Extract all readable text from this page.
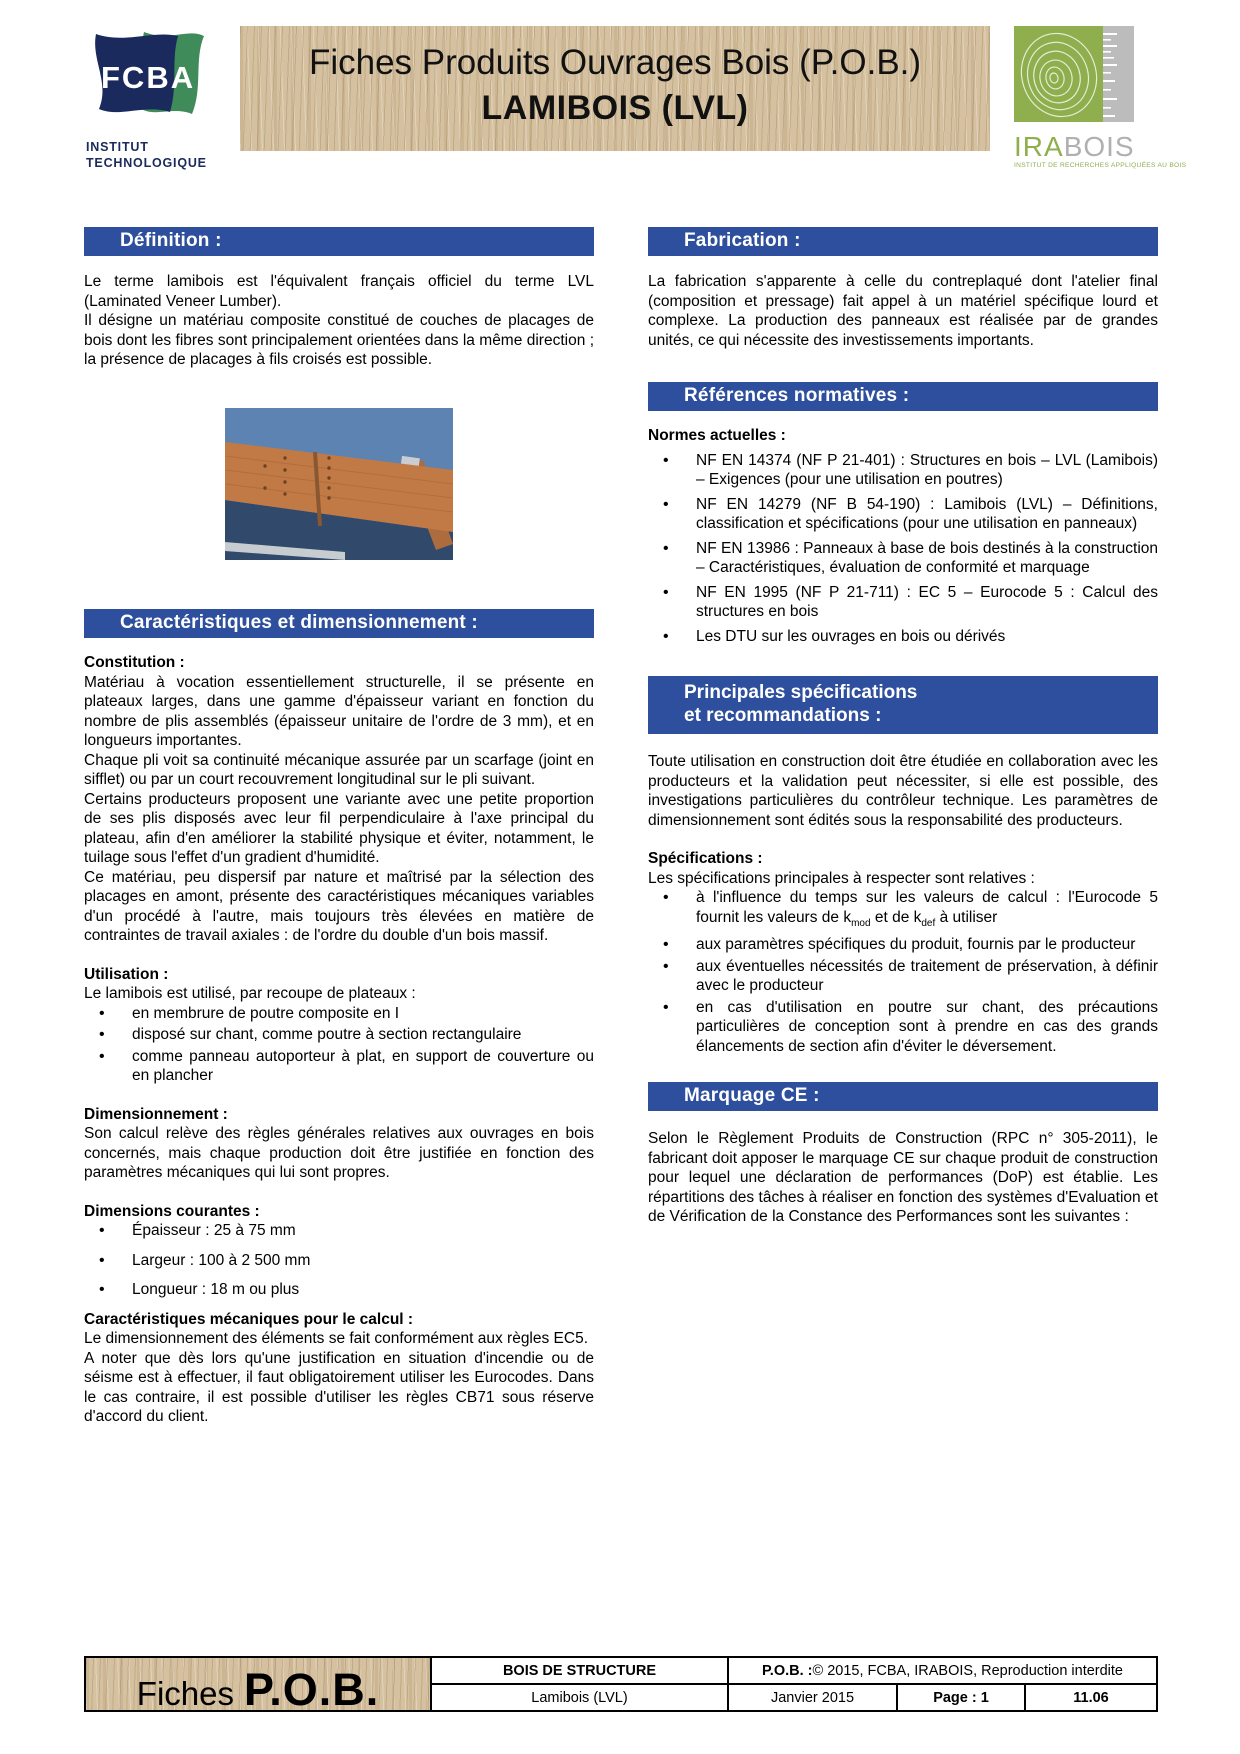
FCBA
INSTITUT
TECHNOLOGIQUE
Fiches Produits Ouvrages Bois (P.O.B.)
LAMIBOIS (LVL)
IRABOIS
INSTITUT DE RECHERCHES APPLIQUÉES AU BOIS
Définition :

Le terme lamibois est l'équivalent français officiel du terme LVL (Laminated Veneer Lumber).

Il désigne un matériau composite constitué de couches de placages de bois dont les fibres sont principalement orientées dans la même direction ; la présence de placages à fils croisés est possible.

Caractéristiques et dimensionnement :
Constitution :

Matériau à vocation essentiellement structurelle, il se présente en plateaux larges, dans une gamme d'épaisseur variant en fonction du nombre de plis assemblés (épaisseur unitaire de l'ordre de 3 mm), et en longueurs importantes.

Chaque pli voit sa continuité mécanique assurée par un scarfage (joint en sifflet) ou par un court recouvrement longitudinal sur le pli suivant.

Certains producteurs proposent une variante avec une petite proportion de ses plis disposés avec leur fil perpendiculaire à l'axe principal du plateau, afin d'en améliorer la stabilité physique et éviter, notamment, le tuilage sous l'effet d'un gradient d'humidité.

Ce matériau, peu dispersif par nature et maîtrisé par la sélection des placages en amont, présente des caractéristiques mécaniques variables d'un procédé à l'autre, mais toujours très élevées en matière de contraintes de travail axiales : de l'ordre du double d'un bois massif.

Utilisation :

Le lamibois est utilisé, par recoupe de plateaux :

• en membrure de poutre composite en I
• disposé sur chant, comme poutre à section rectangulaire
• comme panneau autoporteur à plat, en support de couverture ou en plancher
Dimensionnement :

Son calcul relève des règles générales relatives aux ouvrages en bois concernés, mais chaque production doit être justifiée en fonction des paramètres mécaniques qui lui sont propres.

Dimensions courantes :
• Épaisseur : 25 à 75 mm
• Largeur : 100 à 2 500 mm
• Longueur : 18 m ou plus
Caractéristiques mécaniques pour le calcul :

Le dimensionnement des éléments se fait conformément aux règles EC5.

A noter que dès lors qu'une justification en situation d'incendie ou de séisme est à effectuer, il faut obligatoirement utiliser les Eurocodes. Dans le cas contraire, il est possible d'utiliser les règles CB71 sous réserve d'accord du client.

Fabrication :

La fabrication s'apparente à celle du contreplaqué dont l'atelier final (composition et pressage) fait appel à un matériel spécifique lourd et complexe. La production des panneaux est réalisée par de grandes unités, ce qui nécessite des investissements importants.

Références normatives :
Normes actuelles :
• NF EN 14374 (NF P 21-401) : Structures en bois – LVL (Lamibois) – Exigences (pour une utilisation en poutres)
• NF EN 14279 (NF B 54-190) : Lamibois (LVL) – Définitions, classification et spécifications (pour une utilisation en panneaux)
• NF EN 13986 : Panneaux à base de bois destinés à la construction – Caractéristiques, évaluation de conformité et marquage
• NF EN 1995 (NF P 21-711) : EC 5 – Eurocode 5 : Calcul des structures en bois
• Les DTU sur les ouvrages en bois ou dérivés
Principales spécifications
et recommandations :

Toute utilisation en construction doit être étudiée en collaboration avec les producteurs et la validation peut nécessiter, si elle est possible, des investigations particulières du contrôleur technique. Les paramètres de dimensionnement sont édités sous la responsabilité des producteurs.

Spécifications :

Les spécifications principales à respecter sont relatives :

• à l'influence du temps sur les valeurs de calcul : l'Eurocode 5 fournit les valeurs de $k_{mod}$ et de $k_{def}$ à utiliser
• aux paramètres spécifiques du produit, fournis par le producteur
• aux éventuelles nécessités de traitement de préservation, à définir avec le producteur
• en cas d'utilisation en poutre sur chant, des précautions particulières de conception sont à prendre en cas des grands élancements de section afin d'éviter le déversement.
Marquage CE :

Selon le Règlement Produits de Construction (RPC n° 305-2011), le fabricant doit apposer le marquage CE sur chaque produit de construction pour lequel une déclaration de performances (DoP) est établie. Les répartitions des tâches à réaliser en fonction des systèmes d'Evaluation et de Vérification de la Constance des Performances sont les suivantes :

Fiches P.O.B.	BOIS DE STRUCTURE	P.O.B. : © 2015, FCBA, IRABOIS, Reproduction interdite
Lamibois (LVL)	Janvier 2015	Page : 1	11.06
